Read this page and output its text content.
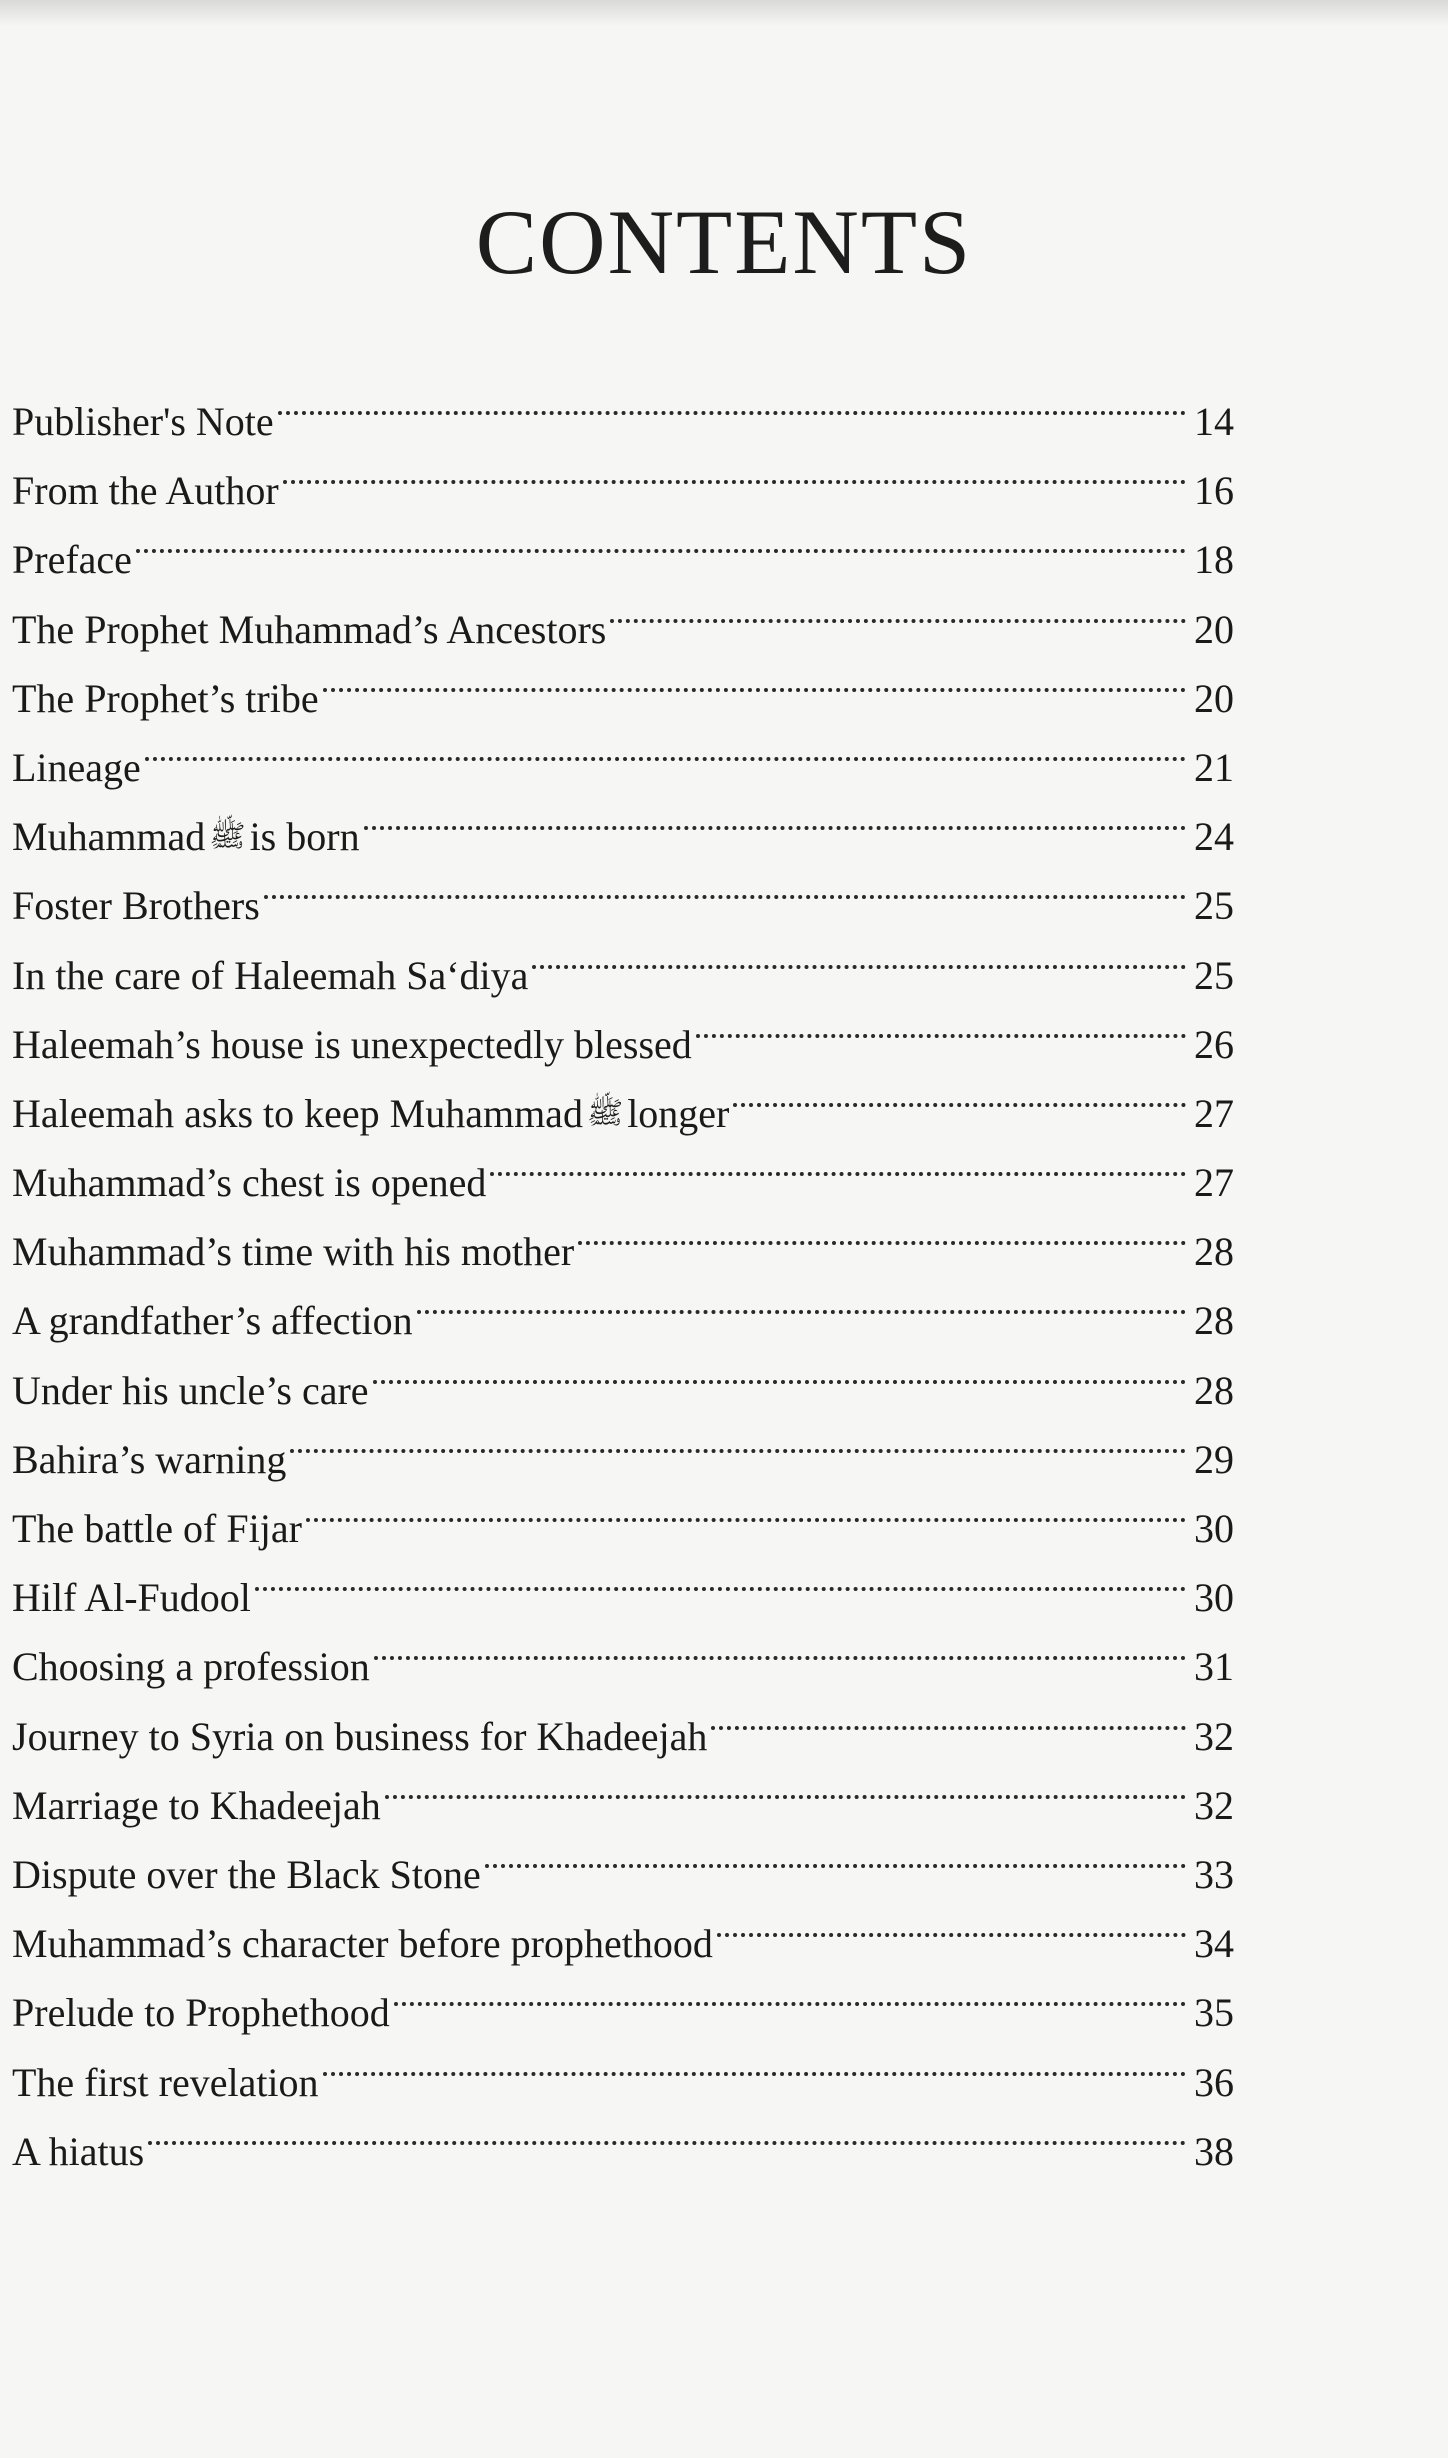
CONTENTS
Publisher's Note	14
From the Author	16
Preface	18
The Prophet Muhammad’s Ancestors	20
The Prophet’s tribe	20
Lineage	21
Muhammad ﷺ is born	24
Foster Brothers	25
In the care of Haleemah Sa‘diya	25
Haleemah’s house is unexpectedly blessed	26
Haleemah asks to keep Muhammad ﷺ longer	27
Muhammad’s chest is opened	27
Muhammad’s time with his mother	28
A grandfather’s affection	28
Under his uncle’s care	28
Bahira’s warning	29
The battle of Fijar	30
Hilf Al-Fudool	30
Choosing a profession	31
Journey to Syria on business for Khadeejah	32
Marriage to Khadeejah	32
Dispute over the Black Stone	33
Muhammad’s character before prophethood	34
Prelude to Prophethood	35
The first revelation	36
A hiatus	38
